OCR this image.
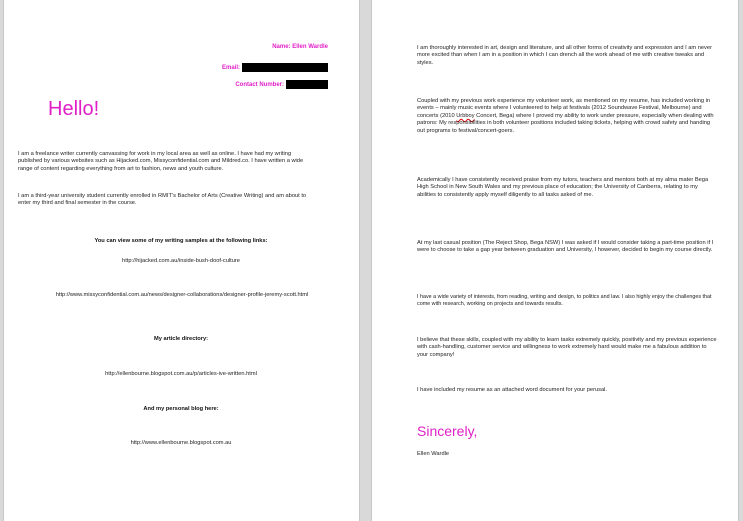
Name: Ellen Wardle
Email:
Contact Number:
Hello!

I am a freelance writer currently canvassing for work in my local area as well as online. I have had my writing published by various websites such as Hijacked.com, Missyconfidential.com and Mildred.co. I have written a wide range of content regarding everything from art to fashion, news and youth culture.

I am a third-year university student currently enrolled in RMIT’s Bachelor of Arts (Creative Writing) and am about to enter my third and final semester in the course.

You can view some of my writing samples at the following links:

http://hijacked.com.au/inside-bush-doof-culture

http://www.missyconfidential.com.au/news/designer-collaborations/designer-profile-jeremy-scott.html

My article directory:

http://ellenbourne.blogspot.com.au/p/articles-ive-written.html

And my personal blog here:

http://www.ellenbourne.blogspot.com.au

I am thoroughly interested in art, design and literature, and all other forms of creativity and expression and I am never more excited than when I am in a position in which I can drench all the work ahead of me with creative tweaks and styles.

Coupled with my previous work experience my volunteer work, as mentioned on my resume, has included working in events – mainly music events where I volunteered to help at festivals (2012 Soundwave Festival, Melbourne) and concerts (2010 Urbboy Concert, Bega) where I proved my ability to work under pressure, especially when dealing with patrons: My responsibilities in both volunteer positions included taking tickets, helping with crowd safety and handing out programs to festival/concert-goers.

Academically I have consistently received praise from my tutors, teachers and mentors both at my alma mater Bega High School in New South Wales and my previous place of education; the University of Canberra, relating to my abilities to consistently apply myself diligently to all tasks asked of me.

At my last casual position (The Reject Shop, Bega NSW) I was asked if I would consider taking a part-time position if I were to choose to take a gap year between graduation and University, I however, decided to begin my course directly.

I have a wide variety of interests, from reading, writing and design, to politics and law. I also highly enjoy the challenges that come with research, working on projects and towards results.

I believe that these skills, coupled with my ability to learn tasks extremely quickly, positivity and my previous experience with cash-handling, customer service and willingness to work extremely hard would make me a fabulous addition to your company!

I have included my resume as an attached word document for your perusal.

Sincerely,

Ellen Wardle
